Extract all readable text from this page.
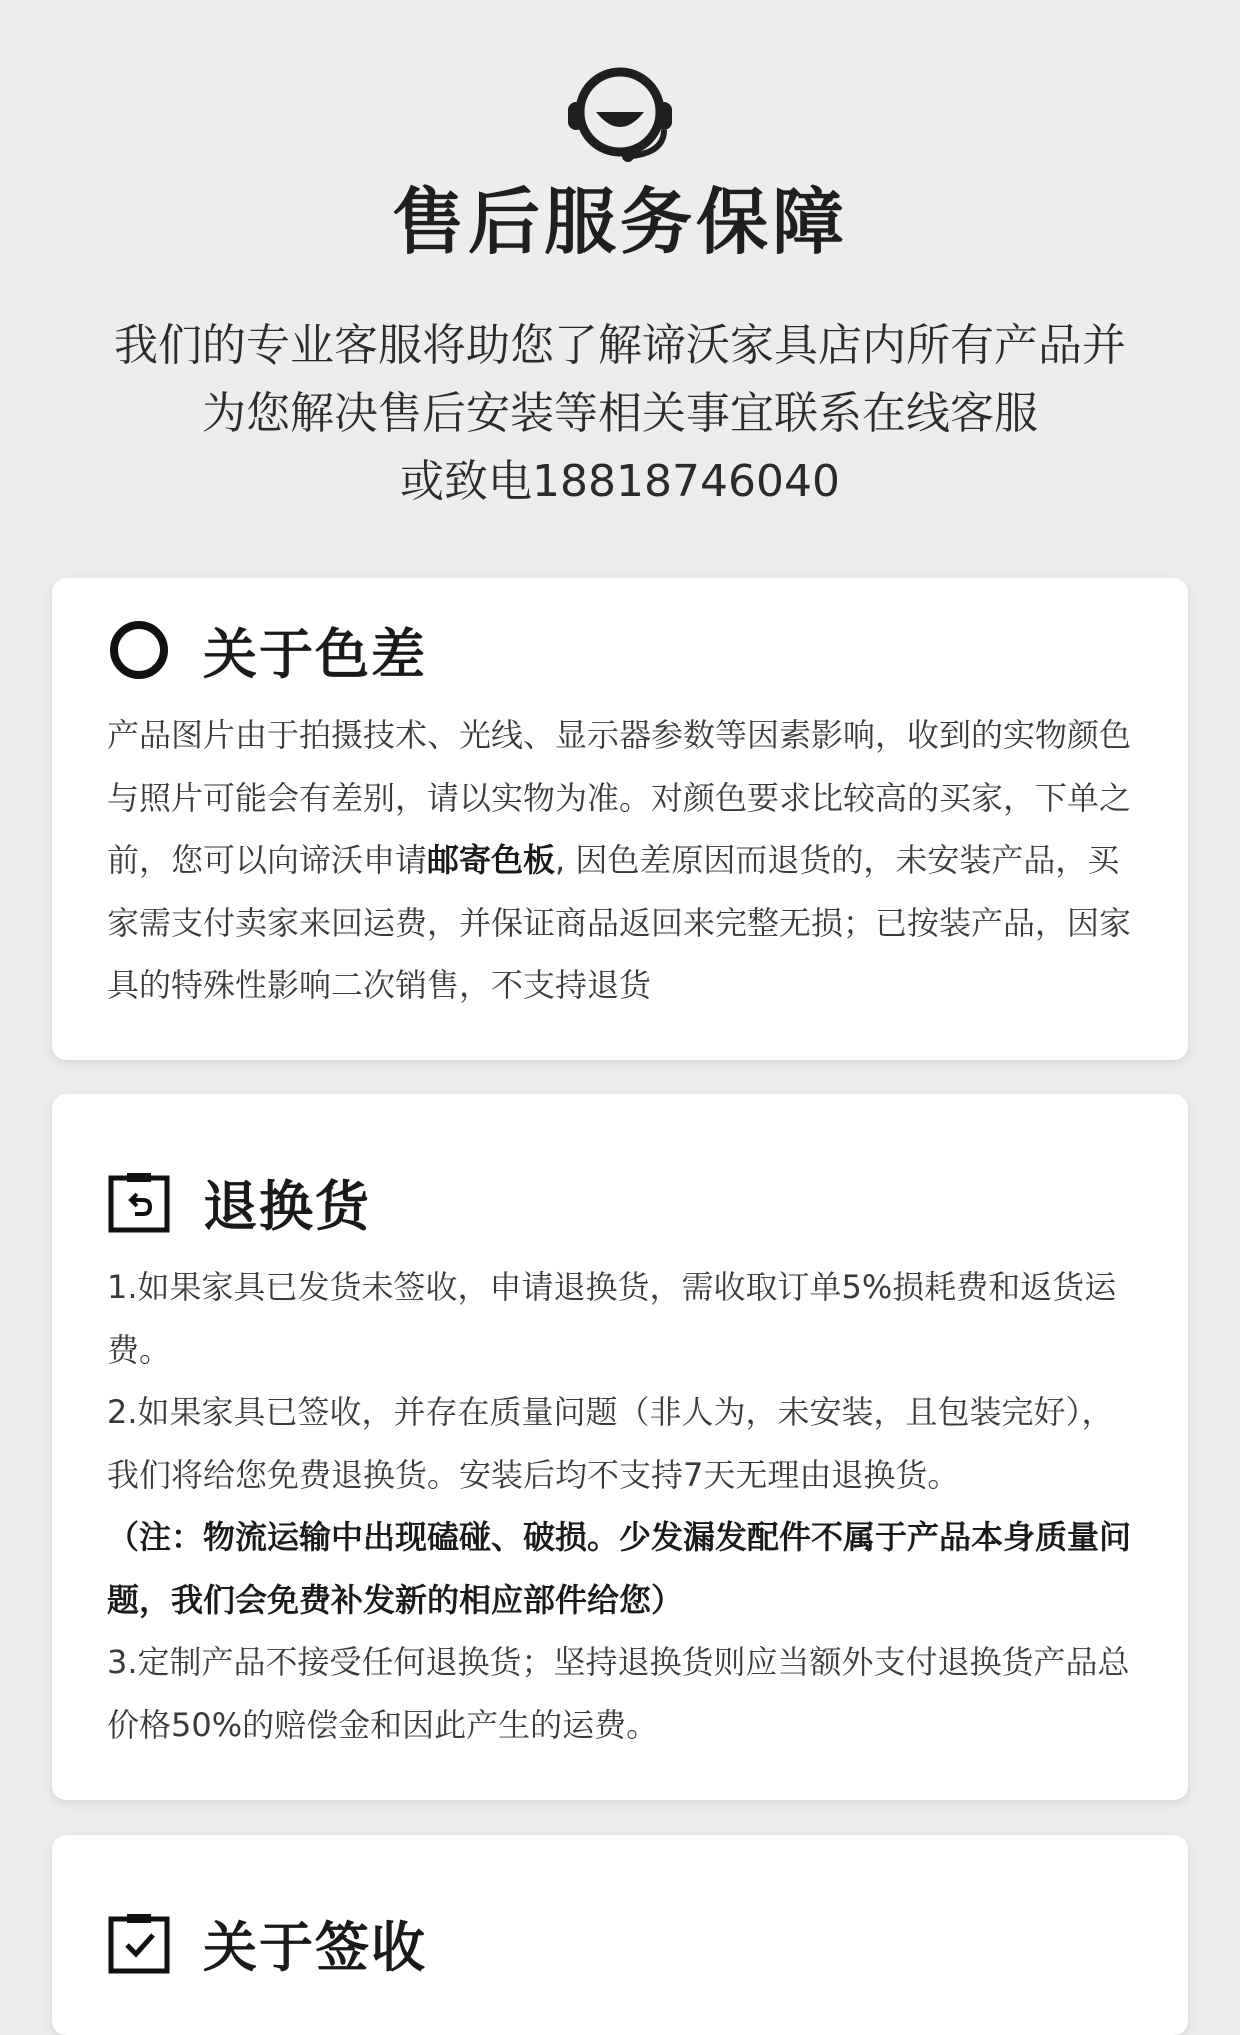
售后服务保障
我们的专业客服将助您了解谛沃家具店内所有产品并
为您解决售后安装等相关事宜联系在线客服
或致电18818746040
关于色差

产品图片由于拍摄技术、光线、显示器参数等因素影响，收到的实物颜色与照片可能会有差别，请以实物为准。对颜色要求比较高的买家，下单之前，您可以向谛沃申请邮寄色板, 因色差原因而退货的，未安装产品，买家需支付卖家来回运费，并保证商品返回来完整无损；已按装产品，因家具的特殊性影响二次销售，不支持退货

退换货

1.如果家具已发货未签收，申请退换货，需收取订单5%损耗费和返货运费。

2.如果家具已签收，并存在质量问题（非人为，未安装，且包装完好），我们将给您免费退换货。安装后均不支持7天无理由退换货。

（注：物流运输中出现磕碰、破损。少发漏发配件不属于产品本身质量问题，我们会免费补发新的相应部件给您）

3.定制产品不接受任何退换货；坚持退换货则应当额外支付退换货产品总价格50%的赔偿金和因此产生的运费。

关于签收
